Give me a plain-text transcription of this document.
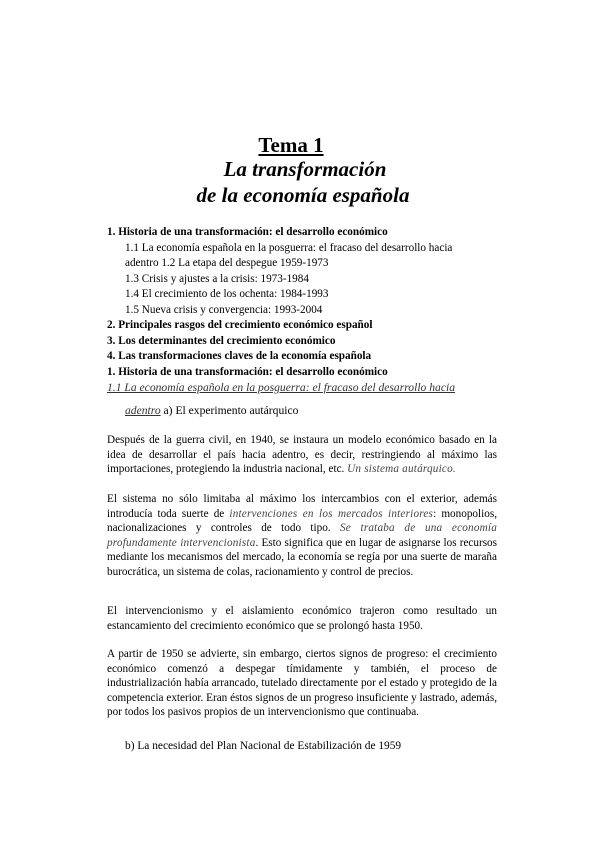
Tema 1
La transformación
de la economía española
1. Historia de una transformación: el desarrollo económico
1.1 La economía española en la posguerra: el fracaso del desarrollo hacia
adentro 1.2 La etapa del despegue 1959-1973
1.3 Crisis y ajustes a la crisis: 1973-1984
1.4 El crecimiento de los ochenta: 1984-1993
1.5 Nueva crisis y convergencia: 1993-2004
2. Principales rasgos del crecimiento económico español
3. Los determinantes del crecimiento económico
4. Las transformaciones claves de la economía española
1. Historia de una transformación: el desarrollo económico
1.1 La economía española en la posguerra: el fracaso del desarrollo hacia
adentro a) El experimento autárquico
Después de la guerra civil, en 1940, se instaura un modelo económico basado en la idea de desarrollar el país hacia adentro, es decir, restringiendo al máximo las importaciones, protegiendo la industria nacional, etc. Un sistema autárquico.
El sistema no sólo limitaba al máximo los intercambios con el exterior, además introducía toda suerte de intervenciones en los mercados interiores: monopolios, nacionalizaciones y controles de todo tipo. Se trataba de una economía profundamente intervencionista. Esto significa que en lugar de asignarse los recursos mediante los mecanismos del mercado, la economía se regía por una suerte de maraña burocrática, un sistema de colas, racionamiento y control de precios.
El intervencionismo y el aislamiento económico trajeron como resultado un estancamiento del crecimiento económico que se prolongó hasta 1950.
A partir de 1950 se advierte, sin embargo, ciertos signos de progreso: el crecimiento económico comenzó a despegar tímidamente y también, el proceso de industrialización había arrancado, tutelado directamente por el estado y protegido de la competencia exterior. Eran éstos signos de un progreso insuficiente y lastrado, además, por todos los pasivos propios de un intervencionismo que continuaba.
b) La necesidad del Plan Nacional de Estabilización de 1959
